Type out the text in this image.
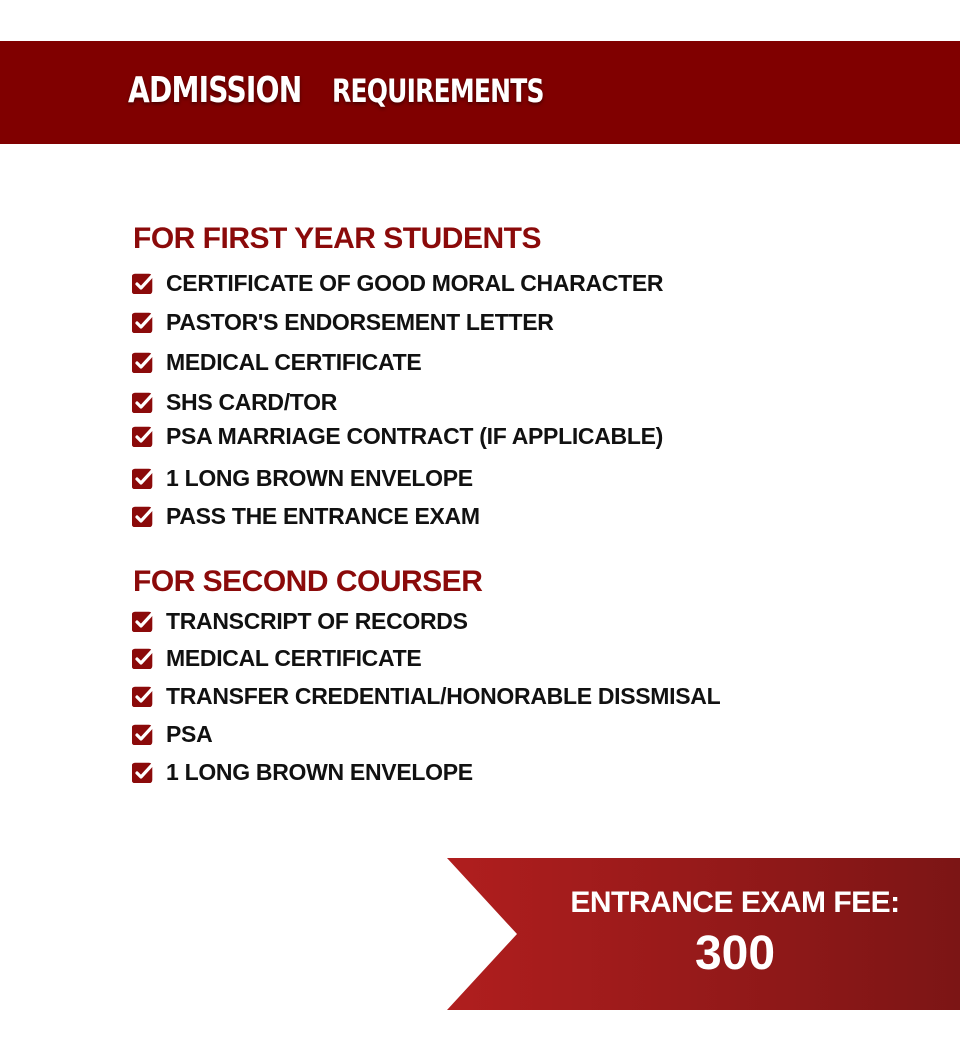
ADMISSION REQUIREMENTS
FOR FIRST YEAR STUDENTS
CERTIFICATE OF GOOD MORAL CHARACTER
PASTOR'S ENDORSEMENT LETTER
MEDICAL CERTIFICATE
SHS CARD/TOR
PSA MARRIAGE CONTRACT (IF APPLICABLE)
1 LONG BROWN ENVELOPE
PASS THE ENTRANCE EXAM
FOR SECOND COURSER
TRANSCRIPT OF RECORDS
MEDICAL CERTIFICATE
TRANSFER CREDENTIAL/HONORABLE DISSMISAL
PSA
1 LONG BROWN ENVELOPE
ENTRANCE EXAM FEE:
300
